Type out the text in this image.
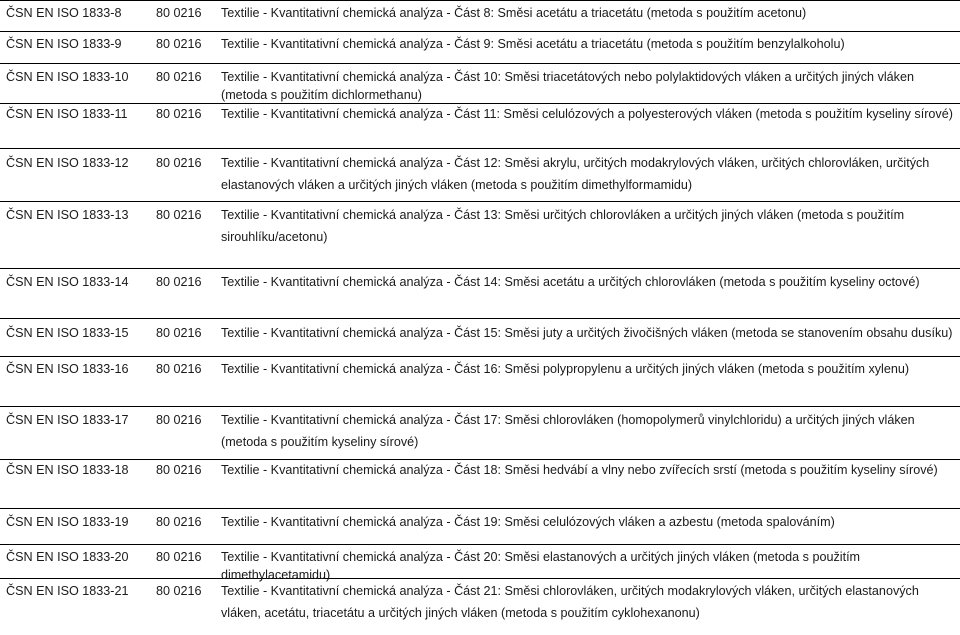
ČSN EN ISO 1833-8	80 0216 Textilie - Kvantitativní chemická analýza - Část 8: Směsi acetátu a triacetátu (metoda s použitím acetonu)
ČSN EN ISO 1833-9	80 0216 Textilie - Kvantitativní chemická analýza - Část 9: Směsi acetátu a triacetátu (metoda s použitím benzylalkoholu)
ČSN EN ISO 1833-10 80 0216 Textilie - Kvantitativní chemická analýza - Část 10: Směsi triacetátových nebo polylaktidových vláken a určitých jiných vláken (metoda s použitím dichlormethanu)
ČSN EN ISO 1833-11 80 0216 Textilie - Kvantitativní chemická analýza - Část 11: Směsi celulózových a polyesterových vláken (metoda s použitím kyseliny sírové)
ČSN EN ISO 1833-12 80 0216 Textilie - Kvantitativní chemická analýza - Část 12: Směsi akrylu, určitých modakrylových vláken, určitých chlorovláken, určitých elastanových vláken a určitých jiných vláken (metoda s použitím dimethylformamidu)
ČSN EN ISO 1833-13 80 0216 Textilie - Kvantitativní chemická analýza - Část 13: Směsi určitých chlorovláken a určitých jiných vláken (metoda s použitím sirouhlíku/acetonu)
ČSN EN ISO 1833-14 80 0216 Textilie - Kvantitativní chemická analýza - Část 14: Směsi acetátu a určitých chlorovláken (metoda s použitím kyseliny octové)
ČSN EN ISO 1833-15 80 0216 Textilie - Kvantitativní chemická analýza - Část 15: Směsi juty a určitých živočišných vláken (metoda se stanovením obsahu dusíku)
ČSN EN ISO 1833-16 80 0216 Textilie - Kvantitativní chemická analýza - Část 16: Směsi polypropylenu a určitých jiných vláken (metoda s použitím xylenu)
ČSN EN ISO 1833-17 80 0216 Textilie - Kvantitativní chemická analýza - Část 17: Směsi chlorovláken (homopolymerů vinylchloridu) a určitých jiných vláken (metoda s použitím kyseliny sírové)
ČSN EN ISO 1833-18 80 0216 Textilie - Kvantitativní chemická analýza - Část 18: Směsi hedvábí a vlny nebo zvířecích srstí (metoda s použitím kyseliny sírové)
ČSN EN ISO 1833-19 80 0216 Textilie - Kvantitativní chemická analýza - Část 19: Směsi celulózových vláken a azbestu (metoda spalováním)
ČSN EN ISO 1833-20 80 0216 Textilie - Kvantitativní chemická analýza - Část 20: Směsi elastanových a určitých jiných vláken (metoda s použitím dimethylacetamidu)
ČSN EN ISO 1833-21 80 0216 Textilie - Kvantitativní chemická analýza - Část 21: Směsi chlorovláken, určitých modakrylových vláken, určitých elastanových vláken, acetátu, triacetátu a určitých jiných vláken (metoda s použitím cyklohexanonu)
